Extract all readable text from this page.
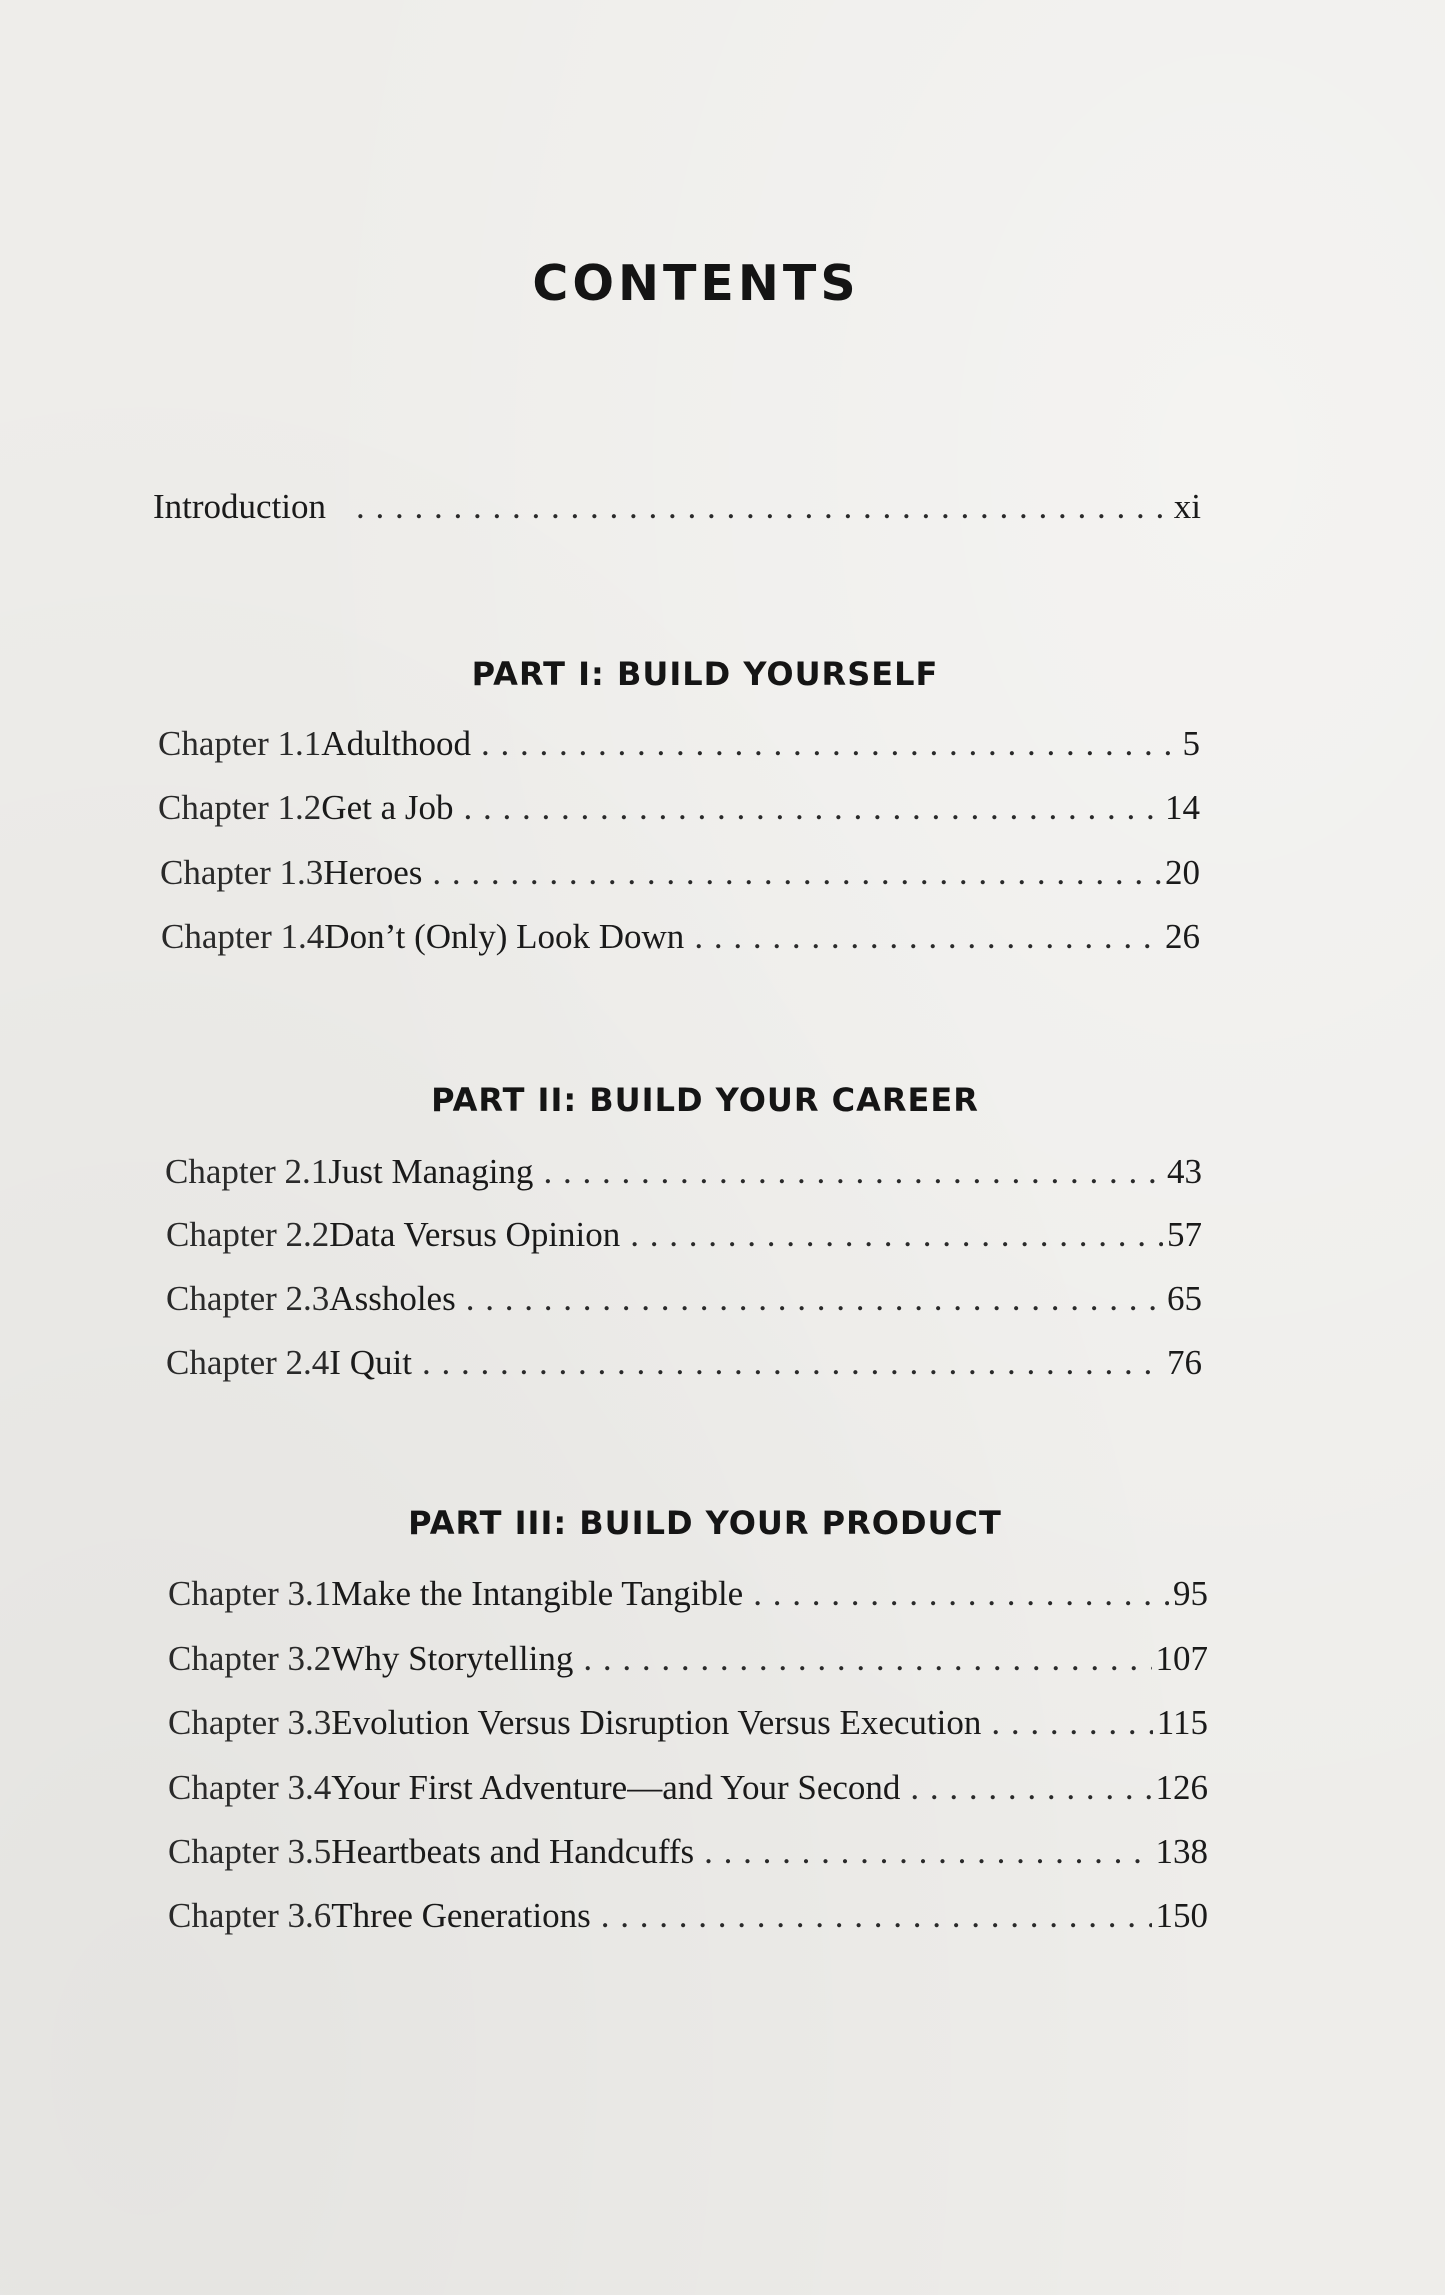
CONTENTS
Introduction . . .	xi
PART I: BUILD YOURSELF
Chapter 1.1 Adulthood . . .	5
Chapter 1.2 Get a Job . . .	14
Chapter 1.3 Heroes . . .	20
Chapter 1.4 Don’t (Only) Look Down . . .	26
PART II: BUILD YOUR CAREER
Chapter 2.1 Just Managing . . .	43
Chapter 2.2 Data Versus Opinion . . .	57
Chapter 2.3 Assholes . . .	65
Chapter 2.4 I Quit . . .	76
PART III: BUILD YOUR PRODUCT
Chapter 3.1 Make the Intangible Tangible . . .	95
Chapter 3.2 Why Storytelling . . .	107
Chapter 3.3 Evolution Versus Disruption Versus Execution . . .	115
Chapter 3.4 Your First Adventure—and Your Second . . .	126
Chapter 3.5 Heartbeats and Handcuffs . . .	138
Chapter 3.6 Three Generations . . .	150
